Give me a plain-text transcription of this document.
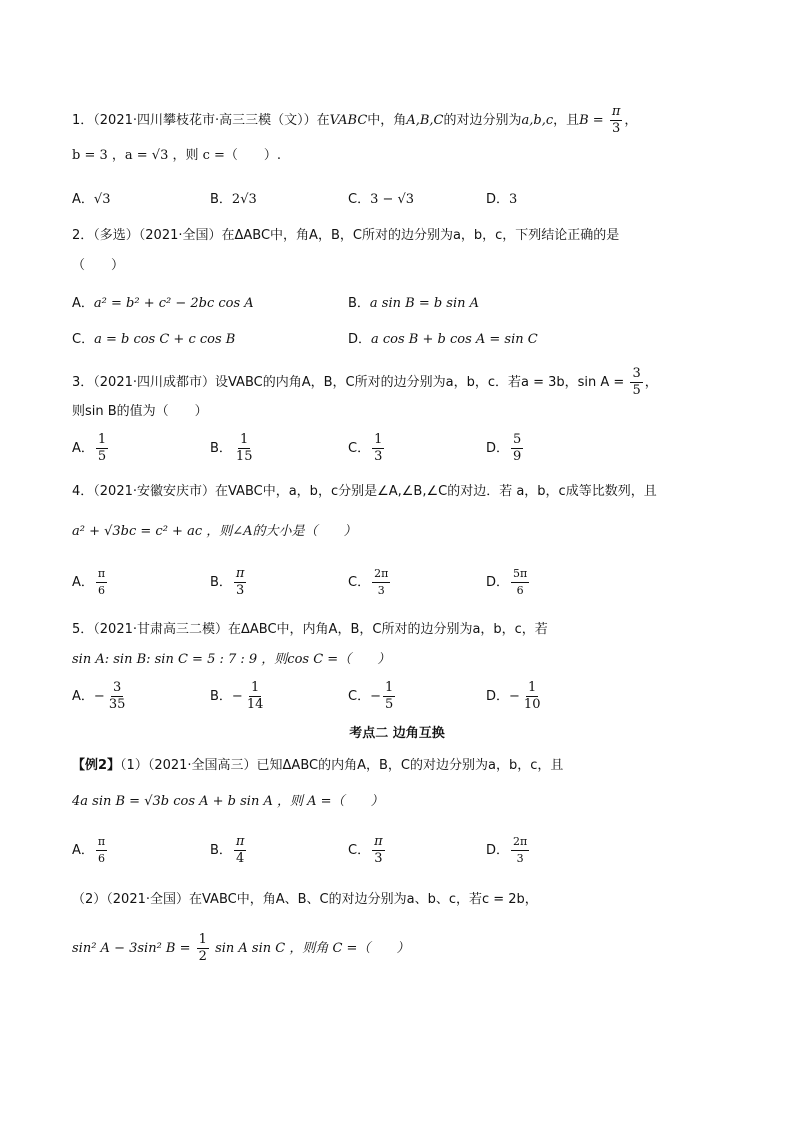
1．（2021·四川攀枝花市·高三三模（文））在VABC中，角A,B,C的对边分别为a,b,c，且$B = \frac{\pi}{3}$ ，
b = 3 ，a = √3 ，则 c =（　　）.
A．√3	B．2√3	C．3 − √3	D．3
2．（多选）（2021·全国）在ΔABC中，角A，B，C所对的边分别为a，b，c，下列结论正确的是
（　　）
A．a² = b² + c² − 2bc cos A	B．a sin B = b sin A
C．a = b cos C + c cos B	D．a cos B + b cos A = sin C
3．（2021·四川成都市）设VABC的内角A，B，C所对的边分别为a，b，c．若a = 3b，$\sin A = \frac{3}{5}$ ，
则sin B的值为（　　）
A． $\frac{1}{5}$	B． $\frac{1}{15}$	C． $\frac{1}{3}$	D． $\frac{5}{9}$
4．（2021·安徽安庆市）在VABC中，a，b，c分别是∠A,∠B,∠C的对边．若 a，b，c成等比数列，且
a² + √3bc = c² + ac ，则∠A的大小是（　　）
A． $\frac{\pi}{6}$	B． $\frac{\pi}{3}$	C． $\frac{2\pi}{3}$	D． $\frac{5\pi}{6}$
5．（2021·甘肃高三二模）在ΔABC中，内角A，B，C所对的边分别为a，b，c，若
sin A: sin B: sin C = 5 : 7 : 9 ，则cos C =（　　）
A．− $\frac{3}{35}$	B．− $\frac{1}{14}$	C．− $\frac{1}{5}$	D．− $\frac{1}{10}$
考点二 边角互换
【例2】（1）（2021·全国高三）已知ΔABC的内角A，B，C的对边分别为a，b，c，且
4a sin B = √3b cos A + b sin A ，则 A =（　　）
A． $\frac{\pi}{6}$	B． $\frac{\pi}{4}$	C． $\frac{\pi}{3}$	D． $\frac{2\pi}{3}$
（2）（2021·全国）在VABC中，角A、B、C的对边分别为a、b、c，若c = 2b，
sin² A − 3sin² $B = \frac{1}{2}$ sin A sin C ，则角 C =（　　）
